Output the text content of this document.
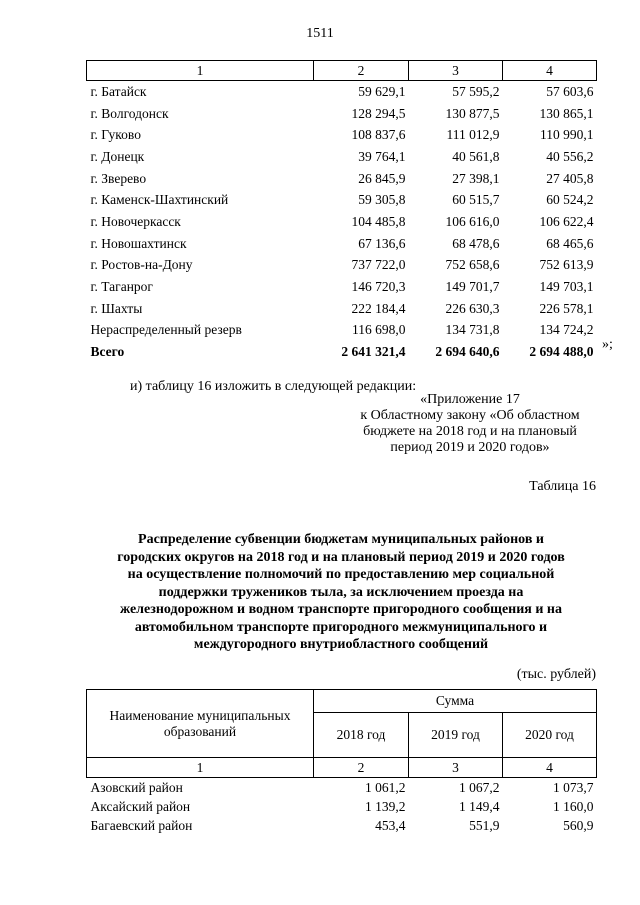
1511
1	2	3	4
г. Батайск	59 629,1	57 595,2	57 603,6
г. Волгодонск	128 294,5	130 877,5	130 865,1
г. Гуково	108 837,6	111 012,9	110 990,1
г. Донецк	39 764,1	40 561,8	40 556,2
г. Зверево	26 845,9	27 398,1	27 405,8
г. Каменск-Шахтинский	59 305,8	60 515,7	60 524,2
г. Новочеркасск	104 485,8	106 616,0	106 622,4
г. Новошахтинск	67 136,6	68 478,6	68 465,6
г. Ростов-на-Дону	737 722,0	752 658,6	752 613,9
г. Таганрог	146 720,3	149 701,7	149 703,1
г. Шахты	222 184,4	226 630,3	226 578,1
Нераспределенный резерв	116 698,0	134 731,8	134 724,2
Всего	2 641 321,4	2 694 640,6	2 694 488,0 »;
и) таблицу 16 изложить в следующей редакции:
«Приложение 17
к Областному закону «Об областном
бюджете на 2018 год и на плановый
период 2019 и 2020 годов»
Таблица 16
Распределение субвенции бюджетам муниципальных районов и
городских округов на 2018 год и на плановый период 2019 и 2020 годов
на осуществление полномочий по предоставлению мер социальной
поддержки тружеников тыла, за исключением проезда на
железнодорожном и водном транспорте пригородного сообщения и на
автомобильном транспорте пригородного межмуниципального и
междугородного внутриобластного сообщений
(тыс. рублей)
Наименование муниципальных образований	Сумма		
	2018 год	2019 год	2020 год
1	2	3	4
Азовский район	1 061,2	1 067,2	1 073,7
Аксайский район	1 139,2	1 149,4	1 160,0
Багаевский район	453,4	551,9	560,9
